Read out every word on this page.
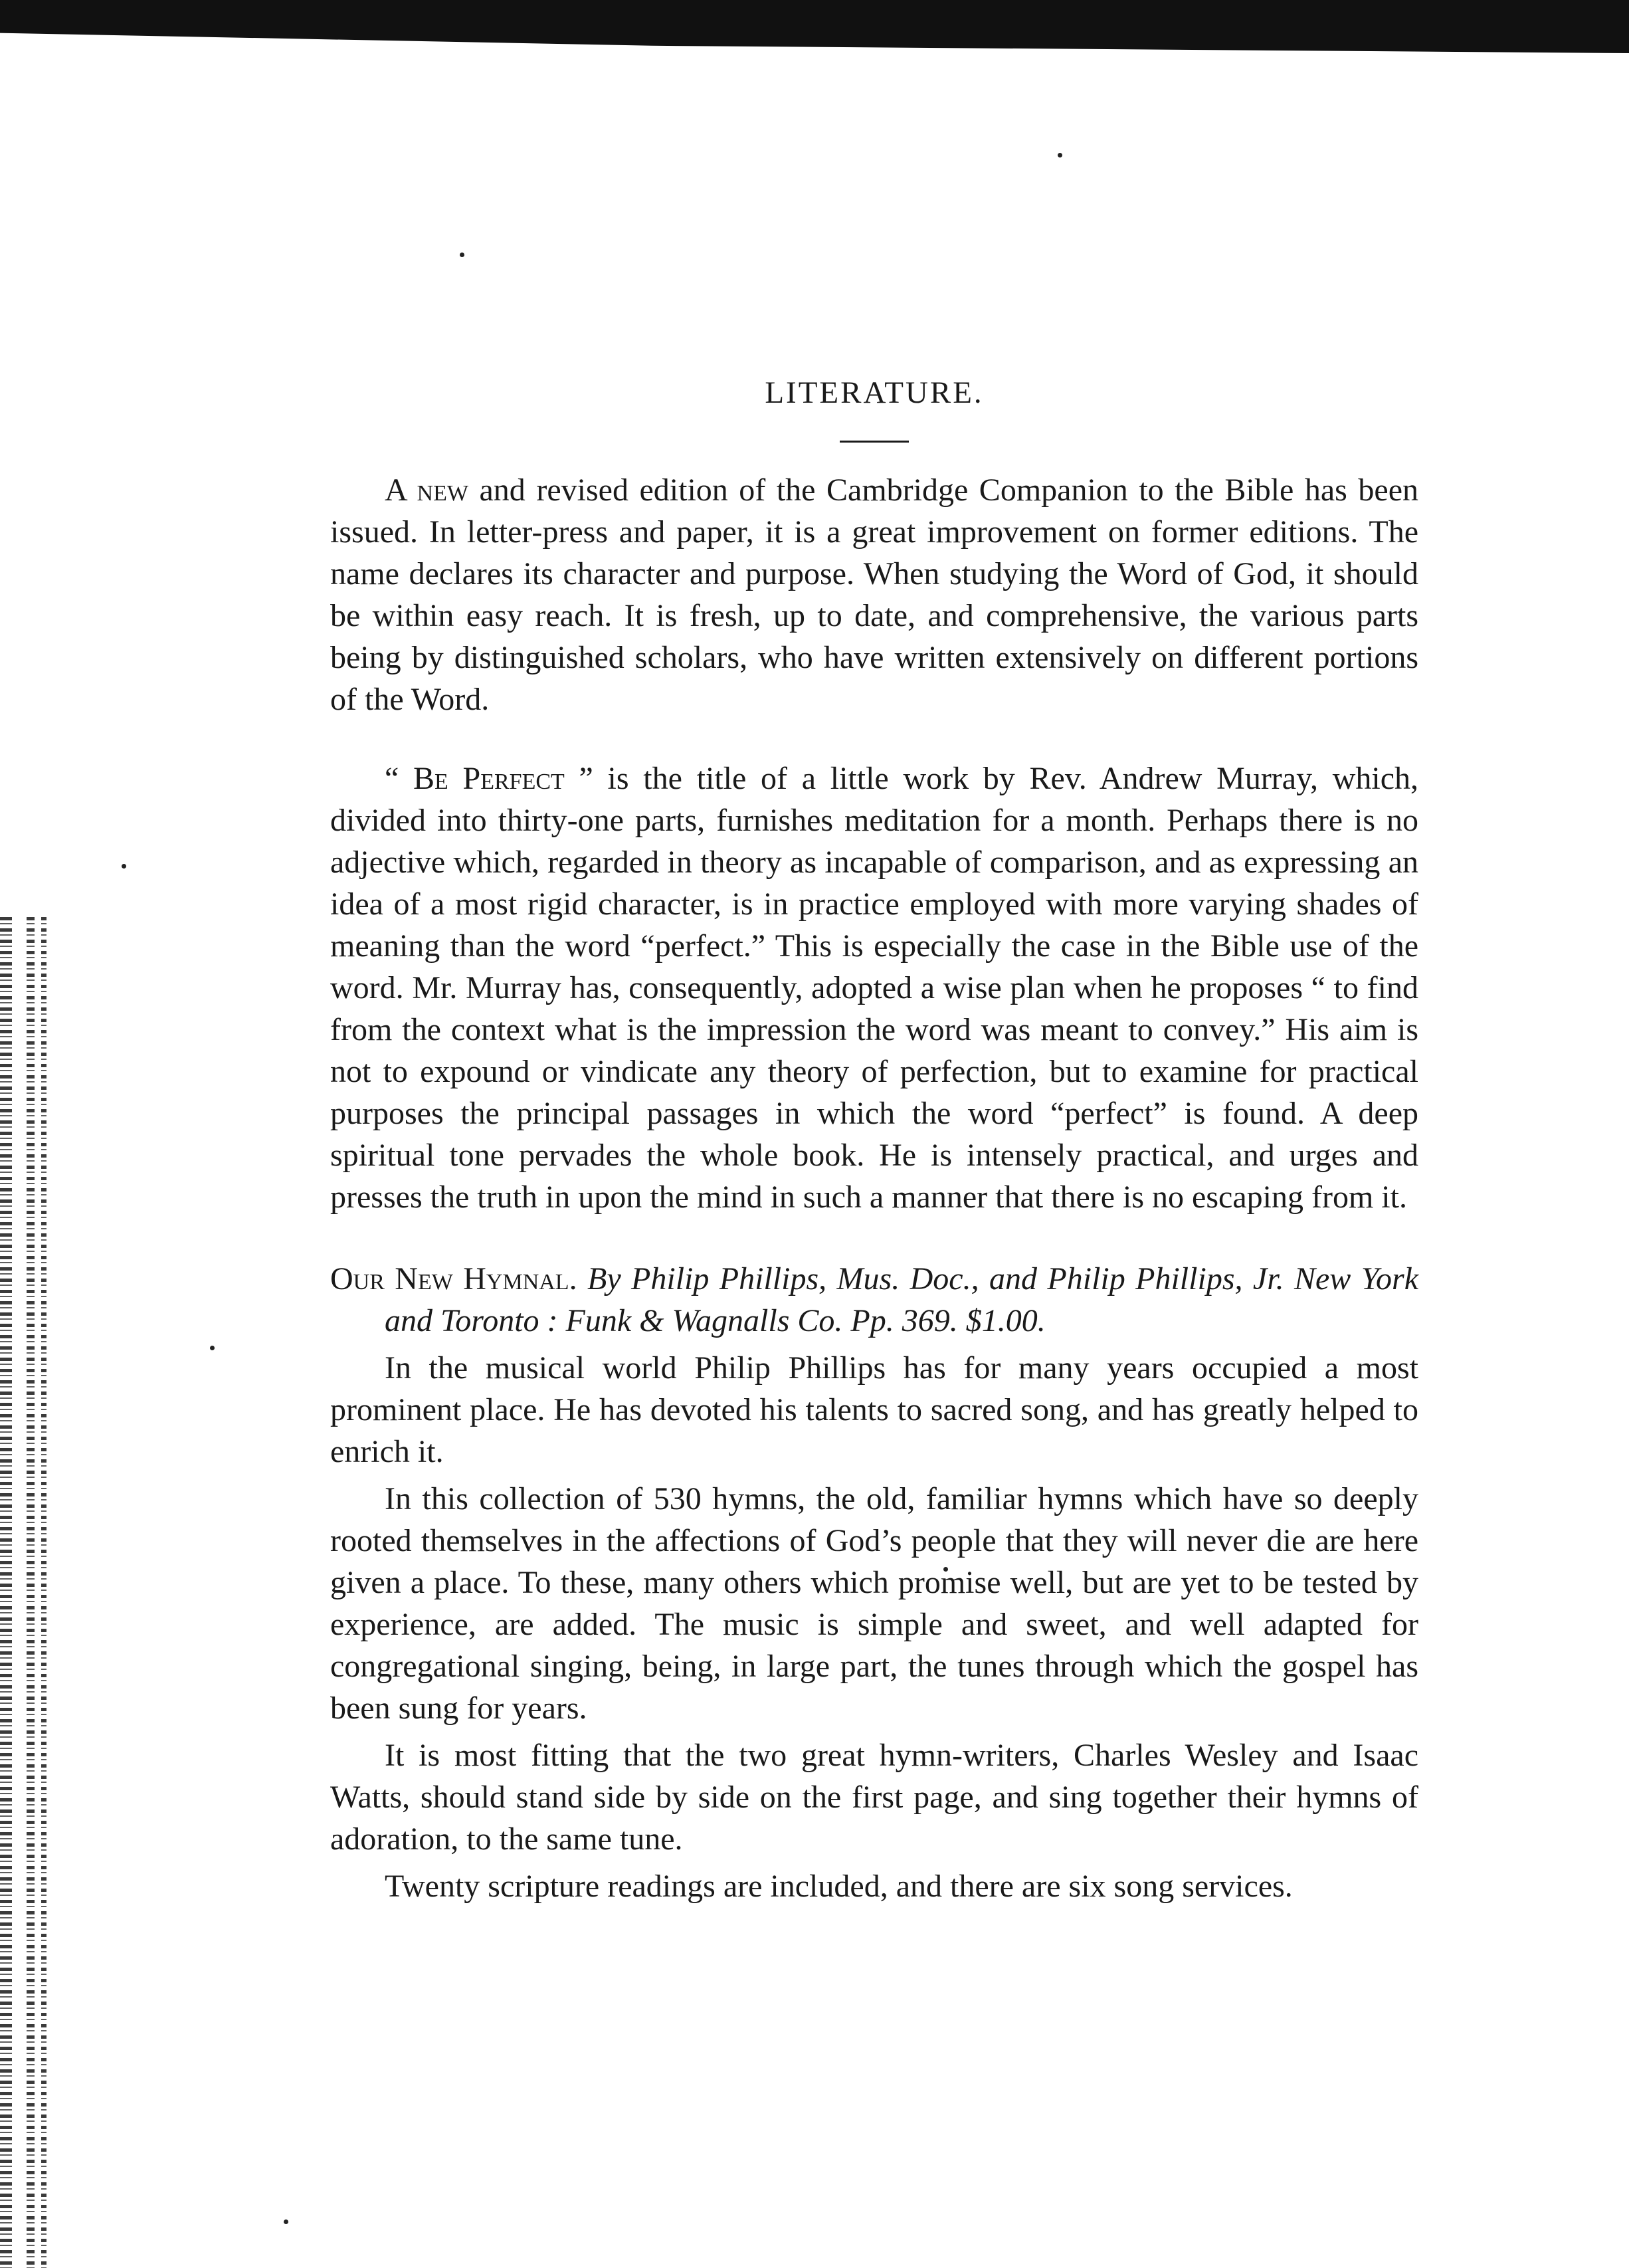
LITERATURE.

A new and revised edition of the Cambridge Companion to the Bible has been issued. In letter-press and paper, it is a great improvement on former editions. The name declares its character and purpose. When studying the Word of God, it should be within easy reach. It is fresh, up to date, and comprehensive, the various parts being by distinguished scholars, who have written extensively on different portions of the Word.

“ Be Perfect ” is the title of a little work by Rev. Andrew Murray, which, divided into thirty-one parts, furnishes meditation for a month. Perhaps there is no adjective which, regarded in theory as incapable of comparison, and as expressing an idea of a most rigid character, is in practice employed with more varying shades of meaning than the word “perfect.” This is especially the case in the Bible use of the word. Mr. Murray has, consequently, adopted a wise plan when he proposes “ to find from the context what is the impression the word was meant to convey.” His aim is not to expound or vindicate any theory of perfection, but to examine for practical purposes the principal passages in which the word “perfect” is found. A deep spiritual tone pervades the whole book. He is intensely practical, and urges and presses the truth in upon the mind in such a manner that there is no escaping from it.

Our New Hymnal. By Philip Phillips, Mus. Doc., and Philip Phillips, Jr. New York and Toronto : Funk & Wagnalls Co. Pp. 369. $1.00.

In the musical world Philip Phillips has for many years occupied a most prominent place. He has devoted his talents to sacred song, and has greatly helped to enrich it.

In this collection of 530 hymns, the old, familiar hymns which have so deeply rooted themselves in the affections of God’s people that they will never die are here given a place. To these, many others which promise well, but are yet to be tested by experience, are added. The music is simple and sweet, and well adapted for congregational singing, being, in large part, the tunes through which the gospel has been sung for years.

It is most fitting that the two great hymn-writers, Charles Wesley and Isaac Watts, should stand side by side on the first page, and sing together their hymns of adoration, to the same tune.

Twenty scripture readings are included, and there are six song services.
